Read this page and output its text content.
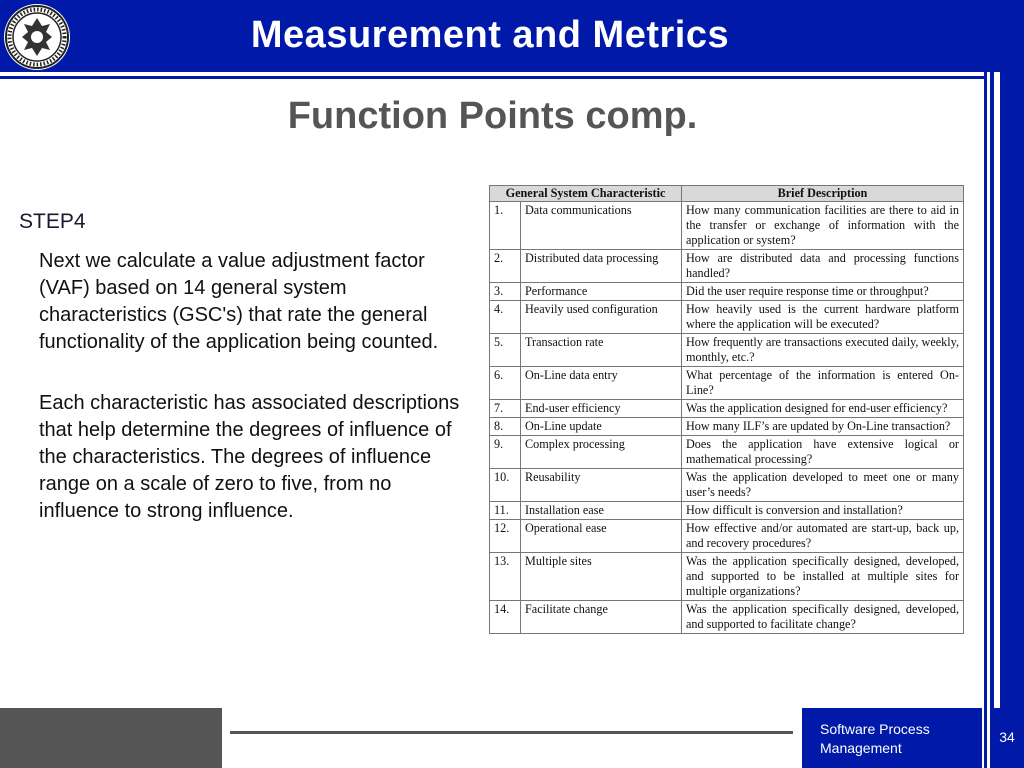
Measurement and Metrics
Function Points comp.
STEP4
Next we calculate a value adjustment factor (VAF) based on 14 general system characteristics (GSC's) that rate the general functionality of the application being counted.
Each characteristic has associated descriptions that help determine the degrees of influence of the characteristics. The degrees of influence range on a scale of zero to five, from no influence to strong influence.
General System Characteristic		Brief Description
1.	Data communications	How many communication facilities are there to aid in the transfer or exchange of information with the application or system?
2.	Distributed data processing	How are distributed data and processing functions handled?
3.	Performance	Did the user require response time or throughput?
4.	Heavily used configuration	How heavily used is the current hardware platform where the application will be executed?
5.	Transaction rate	How frequently are transactions executed daily, weekly, monthly, etc.?
6.	On-Line data entry	What percentage of the information is entered On-Line?
7.	End-user efficiency	Was the application designed for end-user efficiency?
8.	On-Line update	How many ILF’s are updated by On-Line transaction?
9.	Complex processing	Does the application have extensive logical or mathematical processing?
10.	Reusability	Was the application developed to meet one or many user’s needs?
11.	Installation ease	How difficult is conversion and installation?
12.	Operational ease	How effective and/or automated are start-up, back up, and recovery procedures?
13.	Multiple sites	Was the application specifically designed, developed, and supported to be installed at multiple sites for multiple organizations?
14.	Facilitate change	Was the application specifically designed, developed, and supported to facilitate change?
Software Process Management
34
